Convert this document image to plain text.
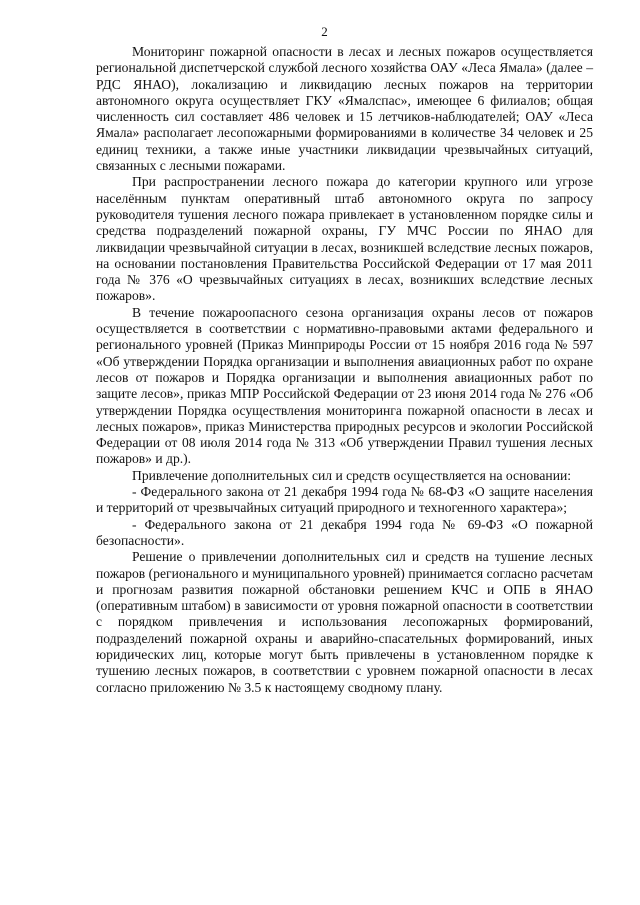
2

Мониторинг пожарной опасности в лесах и лесных пожаров осуществляется региональной диспетчерской службой лесного хозяйства ОАУ «Леса Ямала» (далее – РДС ЯНАО), локализацию и ликвидацию лесных пожаров на территории автономного округа осуществляет ГКУ «Ямалспас», имеющее 6 филиалов; общая численность сил составляет 486 человек и 15 летчиков-наблюдателей; ОАУ «Леса Ямала» располагает лесопожарными формированиями в количестве 34 человек и 25 единиц техники, а также иные участники ликвидации чрезвычайных ситуаций, связанных с лесными пожарами.

При распространении лесного пожара до категории крупного или угрозе населённым пунктам оперативный штаб автономного округа по запросу руководителя тушения лесного пожара привлекает в установленном порядке силы и средства подразделений пожарной охраны, ГУ МЧС России по ЯНАО для ликвидации чрезвычайной ситуации в лесах, возникшей вследствие лесных пожаров, на основании постановления Правительства Российской Федерации от 17 мая 2011 года № 376 «О чрезвычайных ситуациях в лесах, возникших вследствие лесных пожаров».

В течение пожароопасного сезона организация охраны лесов от пожаров осуществляется в соответствии с нормативно-правовыми актами федерального и регионального уровней (Приказ Минприроды России от 15 ноября 2016 года № 597 «Об утверждении Порядка организации и выполнения авиационных работ по охране лесов от пожаров и Порядка организации и выполнения авиационных работ по защите лесов», приказ МПР Российской Федерации от 23 июня 2014 года № 276 «Об утверждении Порядка осуществления мониторинга пожарной опасности в лесах и лесных пожаров», приказ Министерства природных ресурсов и экологии Российской Федерации от 08 июля 2014 года № 313 «Об утверждении Правил тушения лесных пожаров» и др.).

Привлечение дополнительных сил и средств осуществляется на основании:

- Федерального закона от 21 декабря 1994 года № 68-ФЗ «О защите населения и территорий от чрезвычайных ситуаций природного и техногенного характера»;

- Федерального закона от 21 декабря 1994 года № 69-ФЗ «О пожарной безопасности».

Решение о привлечении дополнительных сил и средств на тушение лесных пожаров (регионального и муниципального уровней) принимается согласно расчетам и прогнозам развития пожарной обстановки решением КЧС и ОПБ в ЯНАО (оперативным штабом) в зависимости от уровня пожарной опасности в соответствии с порядком привлечения и использования лесопожарных формирований, подразделений пожарной охраны и аварийно-спасательных формирований, иных юридических лиц, которые могут быть привлечены в установленном порядке к тушению лесных пожаров, в соответствии с уровнем пожарной опасности в лесах согласно приложению № 3.5 к настоящему сводному плану.
